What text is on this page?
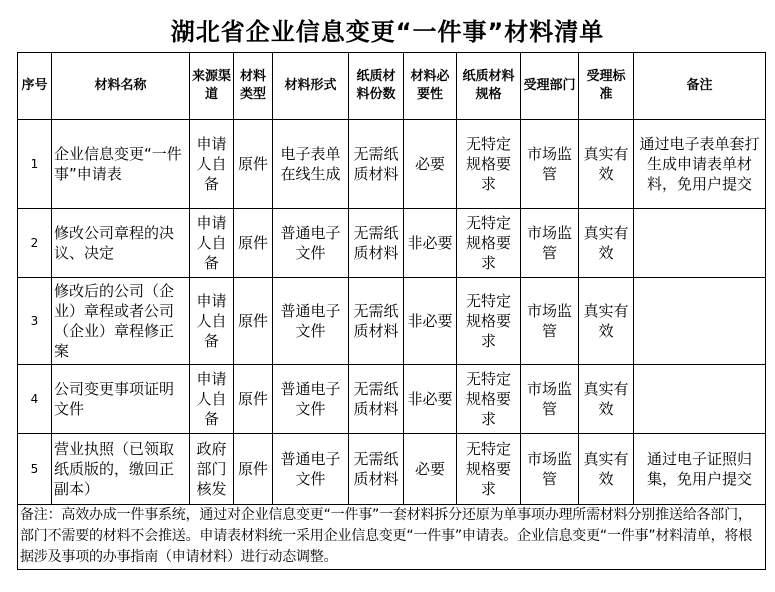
湖北省企业信息变更“一件事”材料清单
序号	材料名称	来源渠道	材料类型	材料形式	纸质材料份数	材料必要性	纸质材料规格	受理部门	受理标准	备注
1	企业信息变更“一件事”申请表	申请人自备	原件	电子表单在线生成	无需纸质材料	必要	无特定规格要求	市场监管	真实有效	通过电子表单套打生成申请表单材料，免用户提交
2	修改公司章程的决议、决定	申请人自备	原件	普通电子文件	无需纸质材料	非必要	无特定规格要求	市场监管	真实有效	
3	修改后的公司（企业）章程或者公司（企业）章程修正案	申请人自备	原件	普通电子文件	无需纸质材料	非必要	无特定规格要求	市场监管	真实有效	
4	公司变更事项证明文件	申请人自备	原件	普通电子文件	无需纸质材料	非必要	无特定规格要求	市场监管	真实有效	
5	营业执照（已领取纸质版的，缴回正副本）	政府部门核发	原件	普通电子文件	无需纸质材料	必要	无特定规格要求	市场监管	真实有效	通过电子证照归集，免用户提交
备注：高效办成一件事系统，通过对企业信息变更“一件事”一套材料拆分还原为单事项办理所需材料分别推送给各部门，部门不需要的材料不会推送。申请表材料统一采用企业信息变更“一件事”申请表。企业信息变更“一件事”材料清单，将根据涉及事项的办事指南（申请材料）进行动态调整。										
